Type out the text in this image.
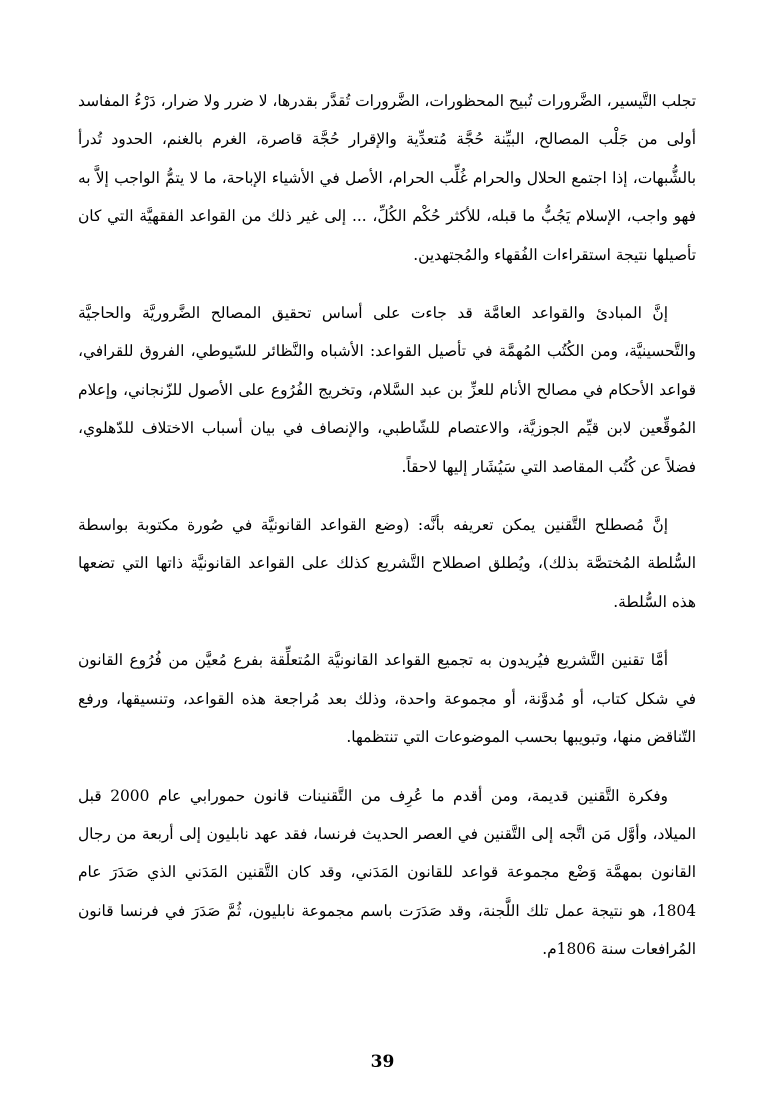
تجلب التَّيسير، الضَّرورات تُبيح المحظورات، الضَّرورات تُقدَّر بقدرها، لا ضرر ولا ضرار، دَرْءُ المفاسد أولى من جَلْب المصالح، البيِّنة حُجَّة مُتعدِّية والإقرار حُجَّة قاصرة، الغرم بالغنم، الحدود تُدرأ بالشُّبهات، إذا اجتمع الحلال والحرام غُلِّب الحرام، الأصل في الأشياء الإباحة، ما لا يتمُّ الواجب إلاَّ به فهو واجب، الإسلام يَجُبُّ ما قبله، للأكثر حُكْم الكُلِّ، ... إلى غير ذلك من القواعد الفقهيَّة التي كان تأصيلها نتيجة استقراءات الفُقهاء والمُجتهدين.

إنَّ المبادئ والقواعد العامَّة قد جاءت على أساس تحقيق المصالح الضَّروريَّة والحاجيَّة والتَّحسينيَّة، ومن الكُتُب المُهمَّة في تأصيل القواعد: الأشباه والنَّظائر للسّيوطي، الفروق للقرافي، قواعد الأحكام في مصالح الأنام للعزِّ بن عبد السَّلام، وتخريج الفُرُوع على الأصول للزّنجاني، وإعلام المُوقِّعين لابن قيِّم الجوزيَّة، والاعتصام للشّاطبي، والإنصاف في بيان أسباب الاختلاف للدّهلوي، فضلاً عن كُتُب المقاصد التي سَيُشَار إليها لاحقاً.

إنَّ مُصطلح التَّقنين يمكن تعريفه بأنَّه: (وضع القواعد القانونيَّة في صُورة مكتوبة بواسطة السُّلطة المُختصَّة بذلك)، ويُطلق اصطلاح التَّشريع كذلك على القواعد القانونيَّة ذاتها التي تضعها هذه السُّلطة.

أمَّا تقنين التَّشريع فيُريدون به تجميع القواعد القانونيَّة المُتعلِّقة بفرع مُعيَّن من فُرُوع القانون في شكل كتاب، أو مُدوَّنة، أو مجموعة واحدة، وذلك بعد مُراجعة هذه القواعد، وتنسيقها، ورفع التّناقض منها، وتبويبها بحسب الموضوعات التي تنتظمها.

وفكرة التَّقنين قديمة، ومن أقدم ما عُرِف من التَّقنينات قانون حمورابي عام 2000 قبل الميلاد، وأوَّل مَن اتَّجه إلى التَّقنين في العصر الحديث فرنسا، فقد عهد نابليون إلى أربعة من رجال القانون بمهمَّة وَضْع مجموعة قواعد للقانون المَدَني، وقد كان التَّقنين المَدَني الذي صَدَرَ عام 1804، هو نتيجة عمل تلك اللَّجنة، وقد صَدَرَت باسم مجموعة نابليون، ثُمَّ صَدَرَ في فرنسا قانون المُرافعات سنة 1806م.

39
